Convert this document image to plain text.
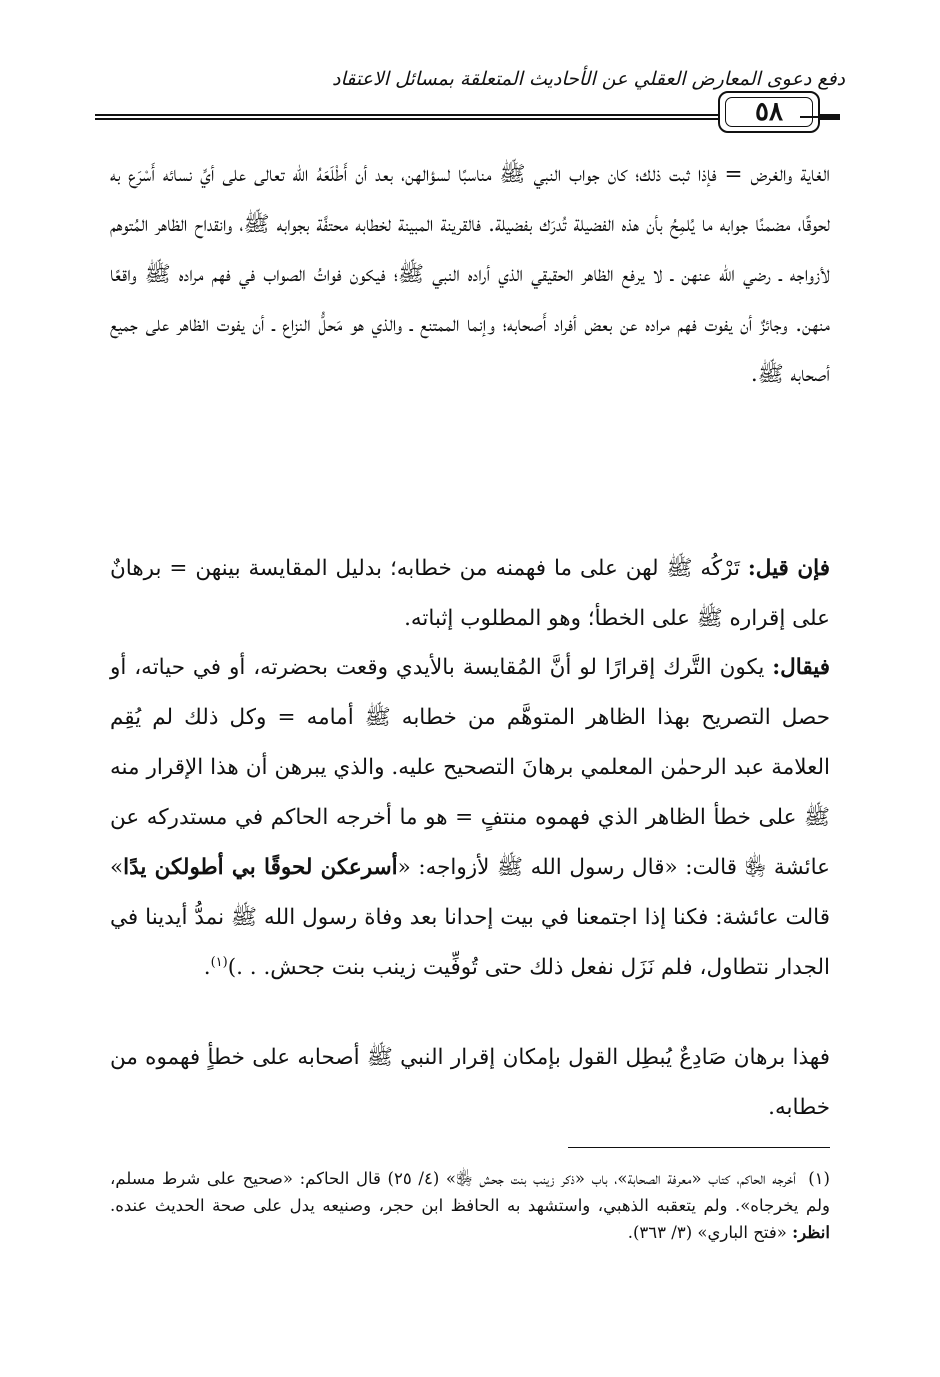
دفع دعوى المعارض العقلي عن الأحاديث المتعلقة بمسائل الاعتقاد
٥٨

الغاية والغرض = فإذا ثبت ذلك؛ كان جواب النبي ﷺ مناسبًا لسؤالهن، بعد أن أَطْلَعَهُ الله تعالى على أيِّ نسائه أَسْرَع به لحوقًا، مضمنًا جوابه ما يُلمِحُ بأن هذه الفضيلة تُدرَك بفضيلة. فالقرينة المبينة لخطابه محتفَّة بجوابه ﷺ، وانقداح الظاهر المُتوهم لأزواجه ـ رضي الله عنهن ـ لا يرفع الظاهر الحقيقي الذي أراده النبي ﷺ؛ فيكون فواتُ الصواب في فهم مراده ﷺ واقعًا منهن. وجائزٌ أن يفوت فهم مراده عن بعض أفراد أَصحابه؛ وإنما الممتنع ـ والذي هو مَحلُّ النزاع ـ أن يفوت الظاهر على جميع أصحابه ﷺ.

فإن قيل: تَرْكُه ﷺ لهن على ما فهمنه من خطابه؛ بدليل المقايسة بينهن = برهانٌ على إقراره ﷺ على الخطأ؛ وهو المطلوب إثباته.

فيقال: يكون التَّرك إقرارًا لو أنَّ المُقايسة بالأيدي وقعت بحضرته، أو في حياته، أو حصل التصريح بهذا الظاهر المتوهَّم من خطابه ﷺ أمامه = وكل ذلك لم يُقِم العلامة عبد الرحمٰن المعلمي برهانَ التصحيح عليه. والذي يبرهن أن هذا الإقرار منه ﷺ على خطأ الظاهر الذي فهموه منتفٍ = هو ما أخرجه الحاكم في مستدركه عن عائشة ﵂ قالت: «قال رسول الله ﷺ لأزواجه: «أسرعكن لحوقًا بي أطولكن يدًا» قالت عائشة: فكنا إذا اجتمعنا في بيت إحدانا بعد وفاة رسول الله ﷺ نمدُّ أيدينا في الجدار نتطاول، فلم نَزَل نفعل ذلك حتى تُوفِّيت زينب بنت جحش. . .)$^{(١)}$.

فهذا برهان صَادِعٌ يُبطِل القول بإمكان إقرار النبي ﷺ أصحابه على خطأٍ فهموه من خطابه.

(١)أخرجه الحاكم، كتاب «معرفة الصحابة»، باب «ذكر زينب بنت جحش ﵂» (٤/ ٢٥) قال الحاكم: «صحيح على شرط مسلم، ولم يخرجاه». ولم يتعقبه الذهبي، واستشهد به الحافظ ابن حجر، وصنيعه يدل على صحة الحديث عنده. انظر: «فتح الباري» (٣/ ٣٦٣).
